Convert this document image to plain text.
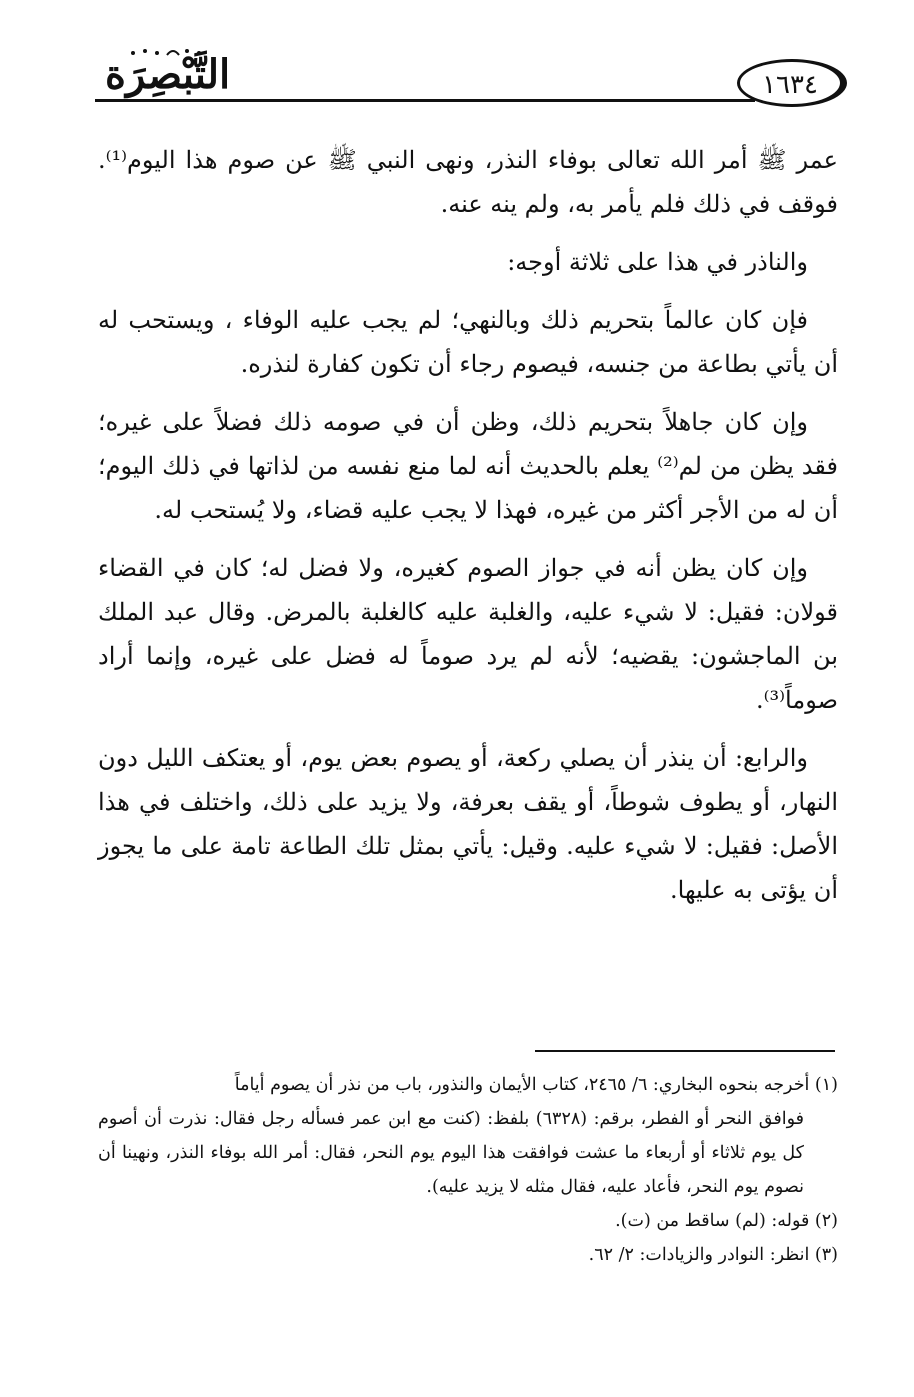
التَّبْصِرَة	١٦٣٤

عمر ﷺ أمر الله تعالى بوفاء النذر، ونهى النبي ﷺ عن صوم هذا اليوم⁽¹⁾. فوقف في ذلك فلم يأمر به، ولم ينه عنه.

والناذر في هذا على ثلاثة أوجه:

فإن كان عالماً بتحريم ذلك وبالنهي؛ لم يجب عليه الوفاء ، ويستحب له أن يأتي بطاعة من جنسه، فيصوم رجاء أن تكون كفارة لنذره.

وإن كان جاهلاً بتحريم ذلك، وظن أن في صومه ذلك فضلاً على غيره؛ فقد يظن من لم⁽²⁾ يعلم بالحديث أنه لما منع نفسه من لذاتها في ذلك اليوم؛ أن له من الأجر أكثر من غيره، فهذا لا يجب عليه قضاء، ولا يُستحب له.

وإن كان يظن أنه في جواز الصوم كغيره، ولا فضل له؛ كان في القضاء قولان: فقيل: لا شيء عليه، والغلبة عليه كالغلبة بالمرض. وقال عبد الملك بن الماجشون: يقضيه؛ لأنه لم يرد صوماً له فضل على غيره، وإنما أراد صوماً⁽³⁾.

والرابع: أن ينذر أن يصلي ركعة، أو يصوم بعض يوم، أو يعتكف الليل دون النهار، أو يطوف شوطاً، أو يقف بعرفة، ولا يزيد على ذلك، واختلف في هذا الأصل: فقيل: لا شيء عليه. وقيل: يأتي بمثل تلك الطاعة تامة على ما يجوز أن يؤتى به عليها.

(١) أخرجه بنحوه البخاري: ٦/ ٢٤٦٥، كتاب الأيمان والنذور، باب من نذر أن يصوم أياماً

فوافق النحر أو الفطر، برقم: (٦٣٢٨) بلفظ: (كنت مع ابن عمر فسأله رجل فقال: نذرت أن أصوم كل يوم ثلاثاء أو أربعاء ما عشت فوافقت هذا اليوم يوم النحر، فقال: أمر الله بوفاء النذر، ونهينا أن نصوم يوم النحر، فأعاد عليه، فقال مثله لا يزيد عليه).

(٢) قوله: (لم) ساقط من (ت).

(٣) انظر: النوادر والزيادات: ٢/ ٦٢.
